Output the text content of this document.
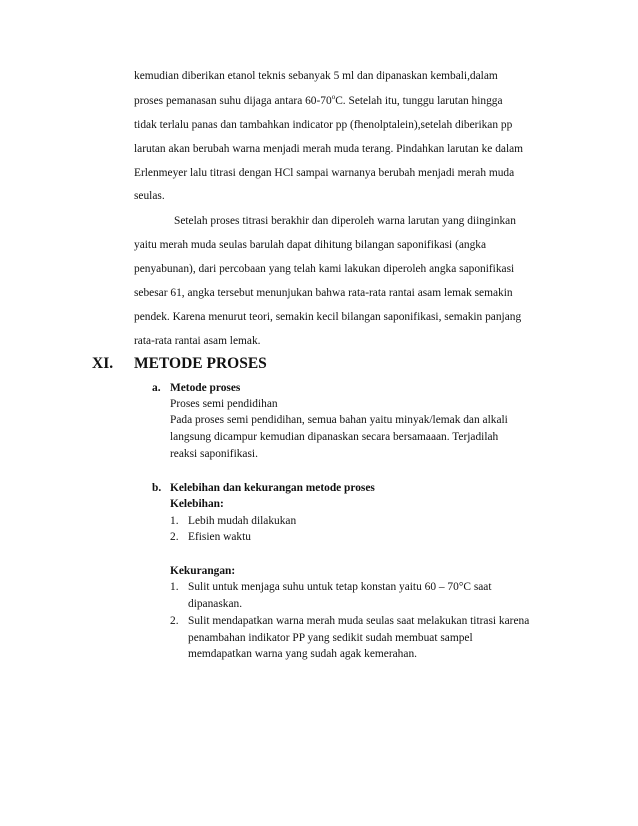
kemudian diberikan etanol teknis sebanyak 5 ml dan dipanaskan kembali,dalam
proses pemanasan suhu dijaga antara 60-70$^o$C. Setelah itu, tunggu larutan hingga
tidak terlalu panas dan tambahkan indicator pp (fhenolptalein),setelah diberikan pp
larutan akan berubah warna menjadi merah muda terang. Pindahkan larutan ke dalam
Erlenmeyer lalu titrasi dengan HCl sampai warnanya berubah menjadi merah muda
seulas.
Setelah proses titrasi berakhir dan diperoleh warna larutan yang diinginkan
yaitu merah muda seulas barulah dapat dihitung bilangan saponifikasi (angka
penyabunan), dari percobaan yang telah kami lakukan diperoleh angka saponifikasi
sebesar 61, angka tersebut menunjukan bahwa rata-rata rantai asam lemak semakin
pendek. Karena menurut teori, semakin kecil bilangan saponifikasi, semakin panjang
rata-rata rantai asam lemak.
XI. METODE PROSES
a. Metode proses
Proses semi pendidihan
Pada proses semi pendidihan, semua bahan yaitu minyak/lemak dan alkali
langsung dicampur kemudian dipanaskan secara bersamaaan. Terjadilah
reaksi saponifikasi.
b. Kelebihan dan kekurangan metode proses
Kelebihan:
1. Lebih mudah dilakukan
2. Efisien waktu
Kekurangan:
1. Sulit untuk menjaga suhu untuk tetap konstan yaitu 60 – 70°C saat
dipanaskan.
2. Sulit mendapatkan warna merah muda seulas saat melakukan titrasi karena
penambahan indikator PP yang sedikit sudah membuat sampel
memdapatkan warna yang sudah agak kemerahan.
